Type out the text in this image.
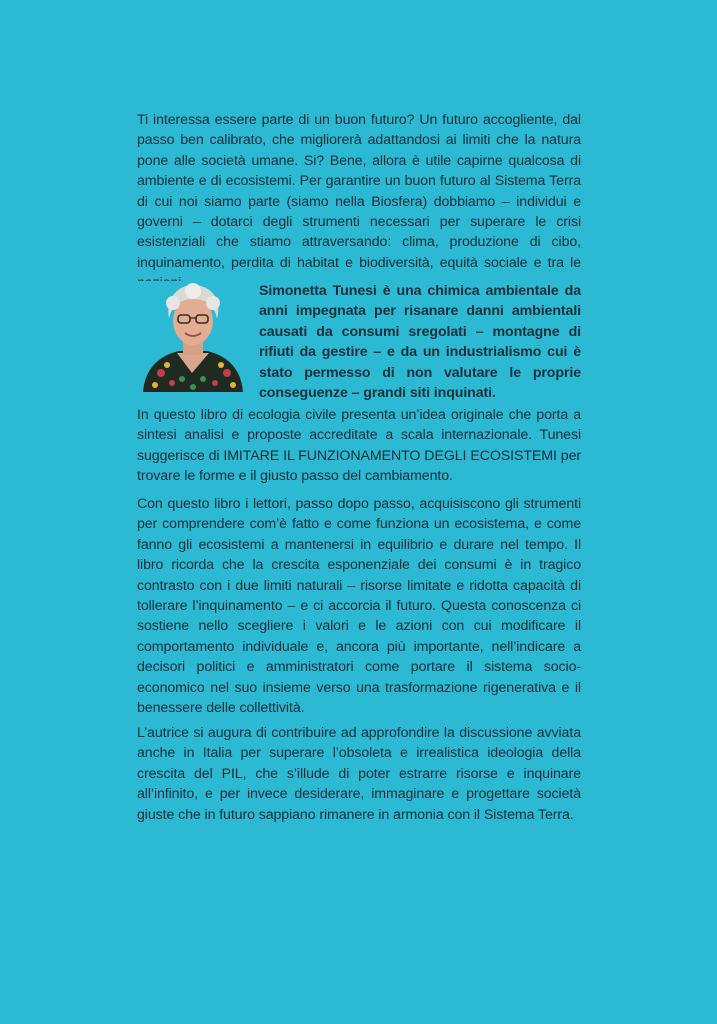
Ti interessa essere parte di un buon futuro? Un futuro accogliente, dal passo ben calibrato, che migliorerà adattandosi ai limiti che la natura pone alle società umane. Si? Bene, allora è utile capirne qualcosa di ambiente e di ecosistemi. Per garantire un buon futuro al Sistema Terra di cui noi siamo parte (siamo nella Biosfera) dobbiamo – individui e governi – dotarci degli strumenti necessari per superare le crisi esistenziali che stiamo attraversando: clima, produzione di cibo, inquinamento, perdita di habitat e biodiversità, equità sociale e tra le

Simonetta Tunesi è una chimica ambientale da anni impegnata per risanare danni ambientali causati da consumi sregolati – montagne di rifiuti da gestire – e da un industrialismo cui è stato permesso di non valutare le proprie conseguenze – grandi siti inquinati.

In questo libro di ecologia civile presenta un’idea originale che porta a sintesi analisi e proposte accreditate a scala internazionale. Tunesi suggerisce di IMITARE IL FUNZIONAMENTO DEGLI ECOSISTEMI per trovare le forme e il giusto passo del cambiamento.

Con questo libro i lettori, passo dopo passo, acquisiscono gli strumenti per comprendere com’è fatto e come funziona un ecosistema, e come fanno gli ecosistemi a mantenersi in equilibrio e durare nel tempo. Il libro ricorda che la crescita esponenziale dei consumi è in tragico contrasto con i due limiti naturali – risorse limitate e ridotta capacità di tollerare l’inquinamento – e ci accorcia il futuro. Questa conoscenza ci sostiene nello scegliere i valori e le azioni con cui modificare il comportamento individuale e, ancora più importante, nell’indicare a decisori politici e amministratori come portare il sistema socio-economico nel suo insieme verso una trasformazione rigenerativa e il benessere delle collettività.

L’autrice si augura di contribuire ad approfondire la discussione avviata anche in Italia per superare l’obsoleta e irrealistica ideologia della crescita del PIL, che s’illude di poter estrarre risorse e inquinare all’infinito, e per invece desiderare, immaginare e progettare società giuste che in futuro sappiano rimanere in armonia con il Sistema Terra.
